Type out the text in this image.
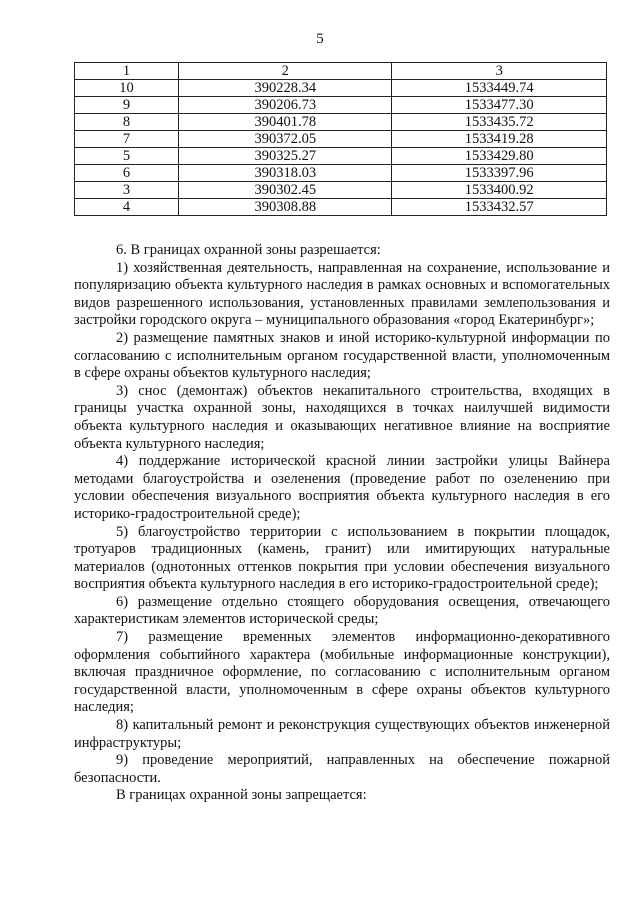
5
1	2	3
10	390228.34	1533449.74
9	390206.73	1533477.30
8	390401.78	1533435.72
7	390372.05	1533419.28
5	390325.27	1533429.80
6	390318.03	1533397.96
3	390302.45	1533400.92
4	390308.88	1533432.57

6. В границах охранной зоны разрешается:

1) хозяйственная деятельность, направленная на сохранение, использование и популяризацию объекта культурного наследия в рамках основных и вспомогательных видов разрешенного использования, установленных правилами землепользования и застройки городского округа – муниципального образования «город Екатеринбург»;

2) размещение памятных знаков и иной историко-культурной информации по согласованию с исполнительным органом государственной власти, уполномоченным в сфере охраны объектов культурного наследия;

3) снос (демонтаж) объектов некапитального строительства, входящих в границы участка охранной зоны, находящихся в точках наилучшей видимости объекта культурного наследия и оказывающих негативное влияние на восприятие объекта культурного наследия;

4) поддержание исторической красной линии застройки улицы Вайнера методами благоустройства и озеленения (проведение работ по озеленению при условии обеспечения визуального восприятия объекта культурного наследия в его историко-градостроительной среде);

5) благоустройство территории с использованием в покрытии площадок, тротуаров традиционных (камень, гранит) или имитирующих натуральные материалов (однотонных оттенков покрытия при условии обеспечения визуального восприятия объекта культурного наследия в его историко-градостроительной среде);

6) размещение отдельно стоящего оборудования освещения, отвечающего характеристикам элементов исторической среды;

7) размещение временных элементов информационно-декоративного оформления событийного характера (мобильные информационные конструкции), включая праздничное оформление, по согласованию с исполнительным органом государственной власти, уполномоченным в сфере охраны объектов культурного наследия;

8) капитальный ремонт и реконструкция существующих объектов инженерной инфраструктуры;

9) проведение мероприятий, направленных на обеспечение пожарной безопасности.

В границах охранной зоны запрещается:
